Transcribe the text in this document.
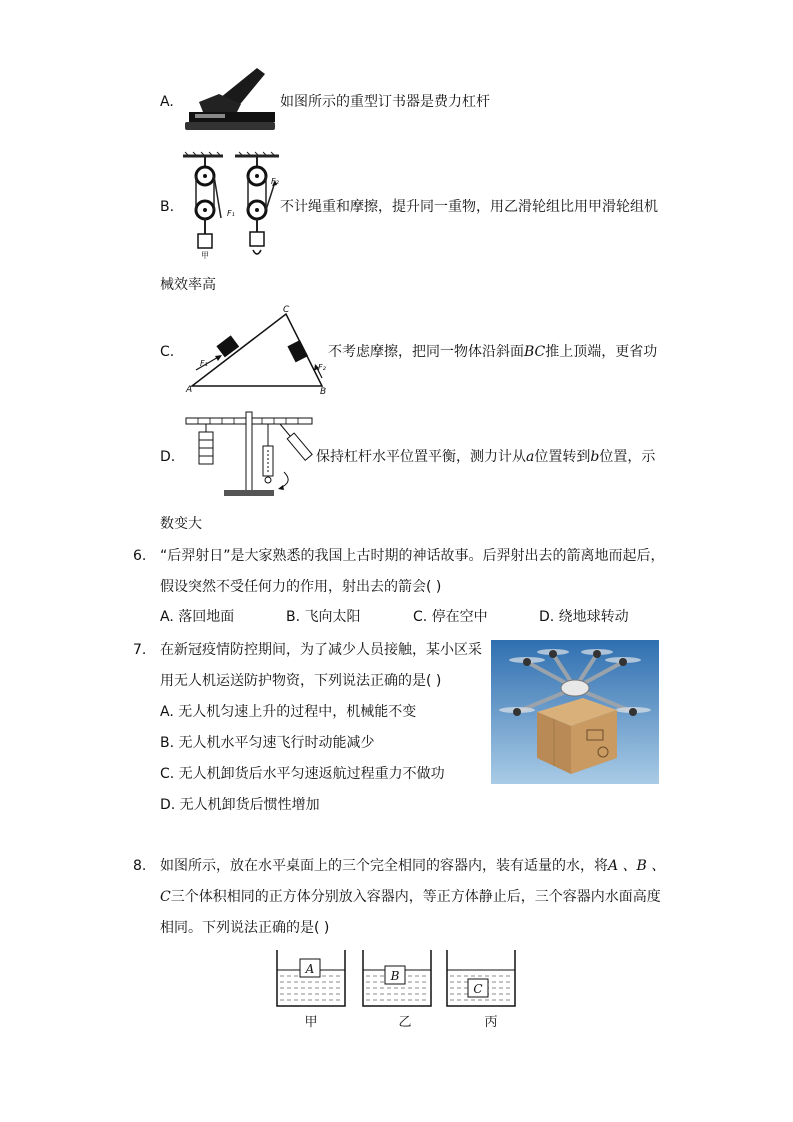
A.	如图所示的重型订书器是费力杠杆
B.
甲
F₁
F₂
不计绳重和摩擦，提升同一重物，用乙滑轮组比用甲滑轮组机
械效率高
C.
A	B
C
F₁	F₂
不考虑摩擦，把同一物体沿斜面BC推上顶端，更省功
D.	保持杠杆水平位置平衡，测力计从a位置转到b位置，示
数变大
6. “后羿射日”是大家熟悉的我国上古时期的神话故事。后羿射出去的箭离地而起后，
假设突然不受任何力的作用，射出去的箭会( )
A. 落回地面	B. 飞向太阳	C. 停在空中	D. 绕地球转动
7. 在新冠疫情防控期间，为了减少人员接触，某小区采
用无人机运送防护物资，下列说法正确的是( )
A. 无人机匀速上升的过程中，机械能不变
B. 无人机水平匀速飞行时动能减少
C. 无人机卸货后水平匀速返航过程重力不做功
D. 无人机卸货后惯性增加
8. 如图所示，放在水平桌面上的三个完全相同的容器内，装有适量的水，将A 、B 、
C三个体积相同的正方体分别放入容器内，等正方体静止后，三个容器内水面高度
相同。下列说法正确的是( )
A
甲
B
乙
C
丙
